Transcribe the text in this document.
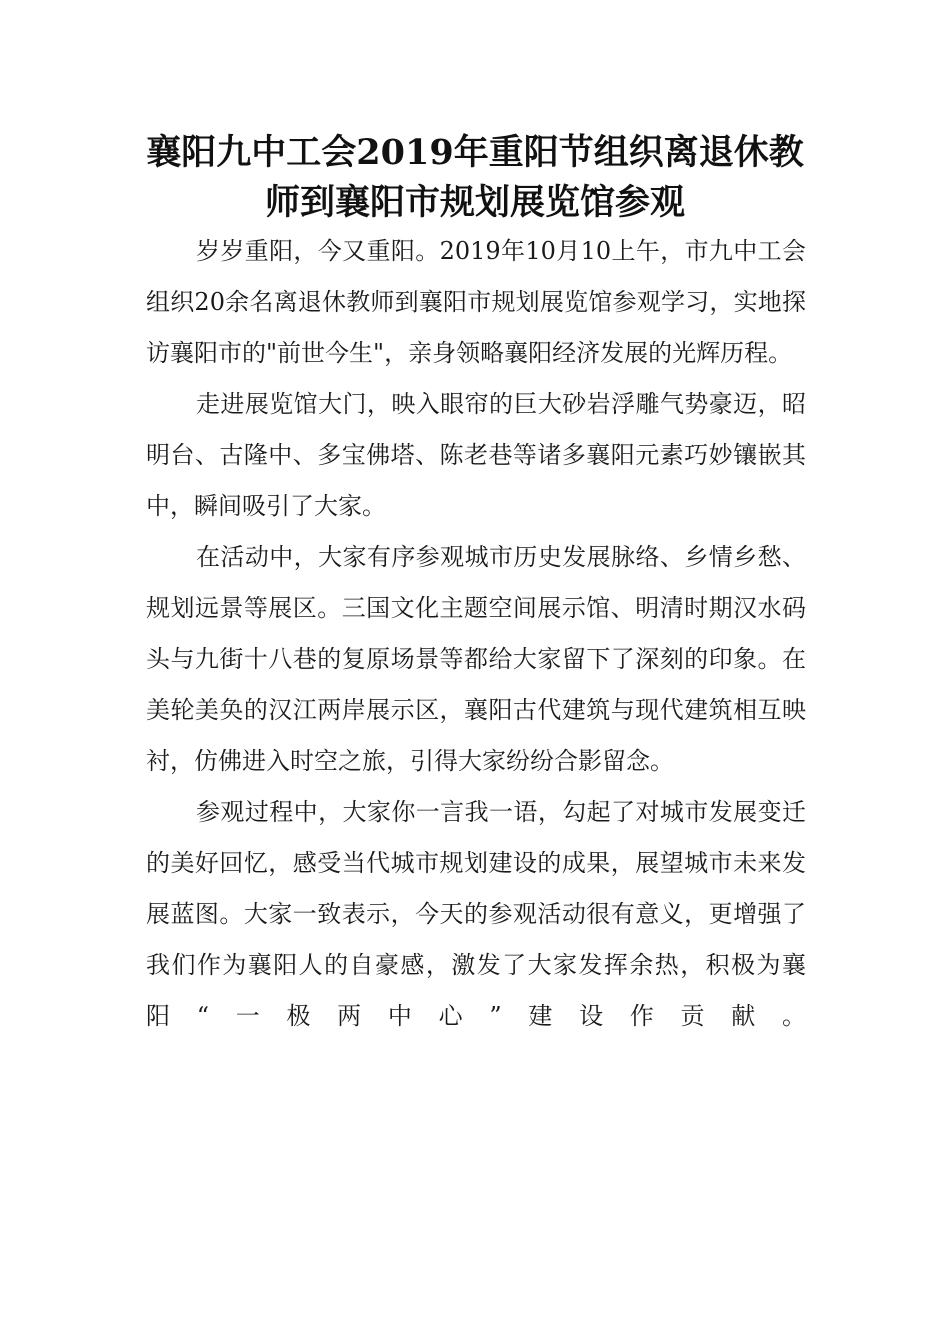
襄阳九中工会2019年重阳节组织离退休教师到襄阳市规划展览馆参观

岁岁重阳，今又重阳。2019年10月10上午，市九中工会组织20余名离退休教师到襄阳市规划展览馆参观学习，实地探访襄阳市的"前世今生"，亲身领略襄阳经济发展的光辉历程。

走进展览馆大门，映入眼帘的巨大砂岩浮雕气势豪迈，昭明台、古隆中、多宝佛塔、陈老巷等诸多襄阳元素巧妙镶嵌其中，瞬间吸引了大家。

在活动中，大家有序参观城市历史发展脉络、乡情乡愁、规划远景等展区。三国文化主题空间展示馆、明清时期汉水码头与九街十八巷的复原场景等都给大家留下了深刻的印象。在美轮美奂的汉江两岸展示区，襄阳古代建筑与现代建筑相互映衬，仿佛进入时空之旅，引得大家纷纷合影留念。

参观过程中，大家你一言我一语，勾起了对城市发展变迁的美好回忆，感受当代城市规划建设的成果，展望城市未来发展蓝图。大家一致表示，今天的参观活动很有意义，更增强了我们作为襄阳人的自豪感，激发了大家发挥余热，积极为襄阳“一极两中心”建设作贡献。
